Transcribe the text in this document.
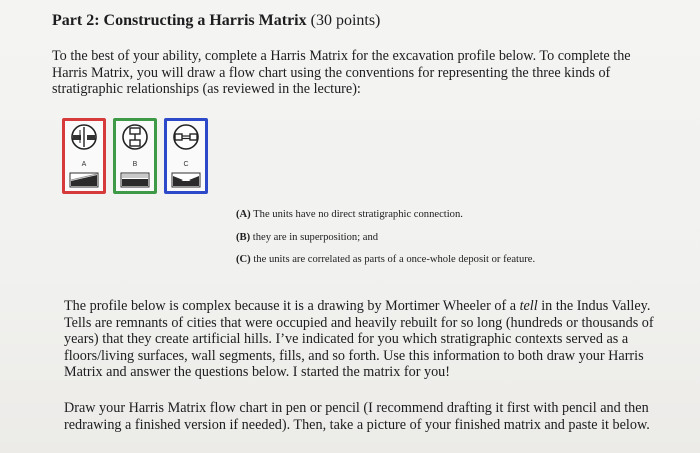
Part 2: Constructing a Harris Matrix (30 points)

To the best of your ability, complete a Harris Matrix for the excavation profile below. To complete the Harris Matrix, you will draw a flow chart using the conventions for representing the three kinds of stratigraphic relationships (as reviewed in the lecture):

A	B	C
(A) The units have no direct stratigraphic connection.
(B) they are in superposition; and
(C) the units are correlated as parts of a once-whole deposit or feature.

The profile below is complex because it is a drawing by Mortimer Wheeler of a tell in the Indus Valley. Tells are remnants of cities that were occupied and heavily rebuilt for so long (hundreds or thousands of years) that they create artificial hills. I’ve indicated for you which stratigraphic contexts served as a floors/living surfaces, wall segments, fills, and so forth. Use this information to both draw your Harris Matrix and answer the questions below. I started the matrix for you!

Draw your Harris Matrix flow chart in pen or pencil (I recommend drafting it first with pencil and then redrawing a finished version if needed). Then, take a picture of your finished matrix and paste it below.
